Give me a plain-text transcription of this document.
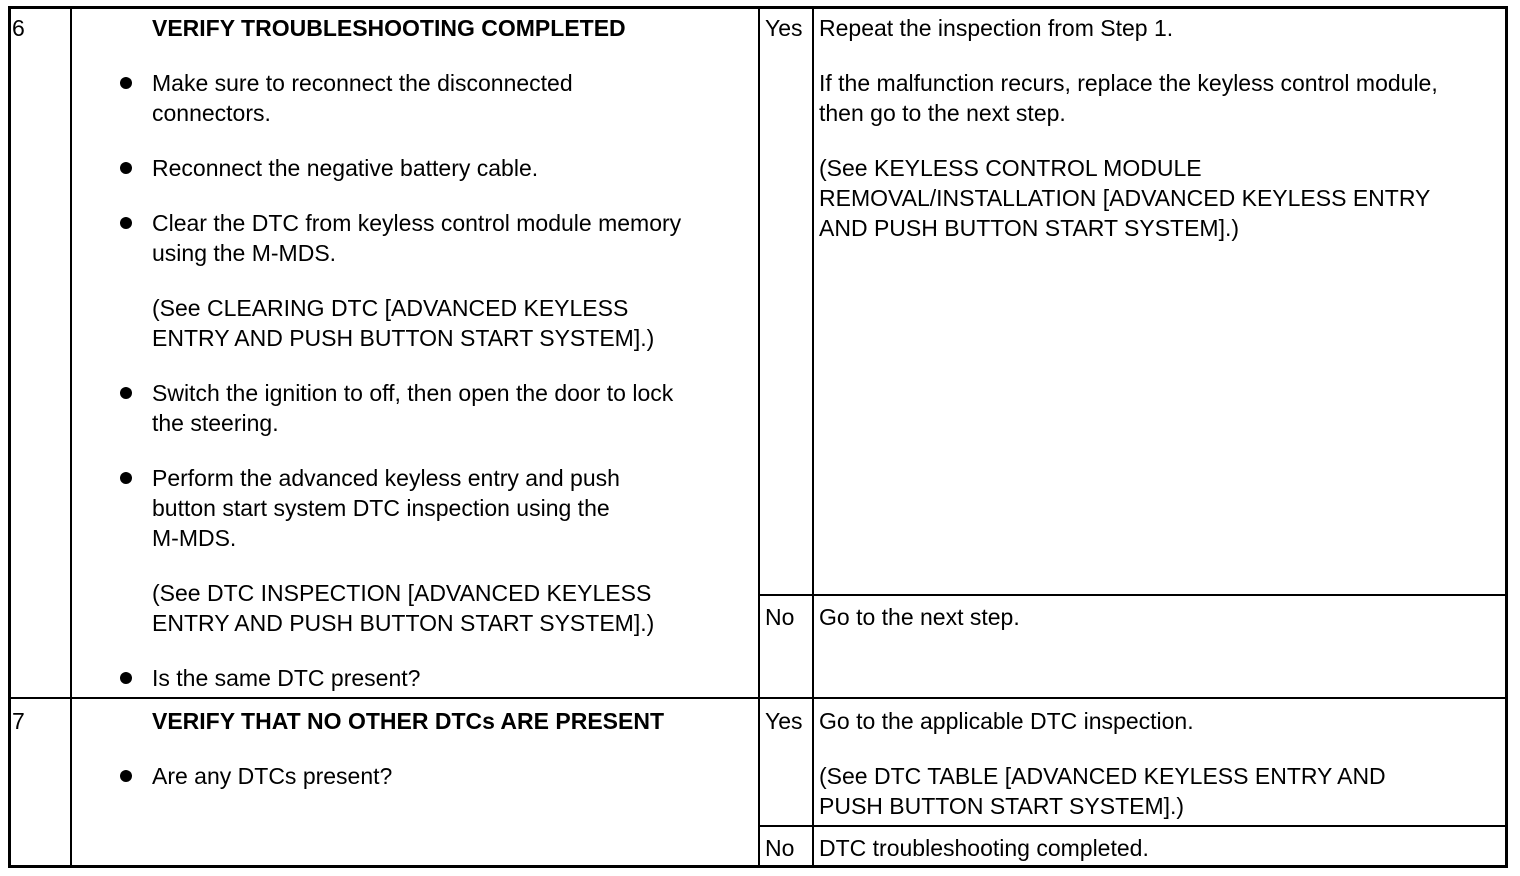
6	VERIFY TROUBLESHOOTING COMPLETED
Make sure to reconnect the disconnected
connectors.
Reconnect the negative battery cable.
Clear the DTC from keyless control module memory
using the M-MDS.
(See CLEARING DTC [ADVANCED KEYLESS
ENTRY AND PUSH BUTTON START SYSTEM].)
Switch the ignition to off, then open the door to lock
the steering.
Perform the advanced keyless entry and push
button start system DTC inspection using the
M-MDS.
(See DTC INSPECTION [ADVANCED KEYLESS
ENTRY AND PUSH BUTTON START SYSTEM].)
Is the same DTC present?
Yes Repeat the inspection from Step 1.
If the malfunction recurs, replace the keyless control module,
then go to the next step.
(See KEYLESS CONTROL MODULE
REMOVAL/INSTALLATION [ADVANCED KEYLESS ENTRY
AND PUSH BUTTON START SYSTEM].)
No Go to the next step.
7	VERIFY THAT NO OTHER DTCs ARE PRESENT
Are any DTCs present?
Yes Go to the applicable DTC inspection.
(See DTC TABLE [ADVANCED KEYLESS ENTRY AND
PUSH BUTTON START SYSTEM].)
No DTC troubleshooting completed.
